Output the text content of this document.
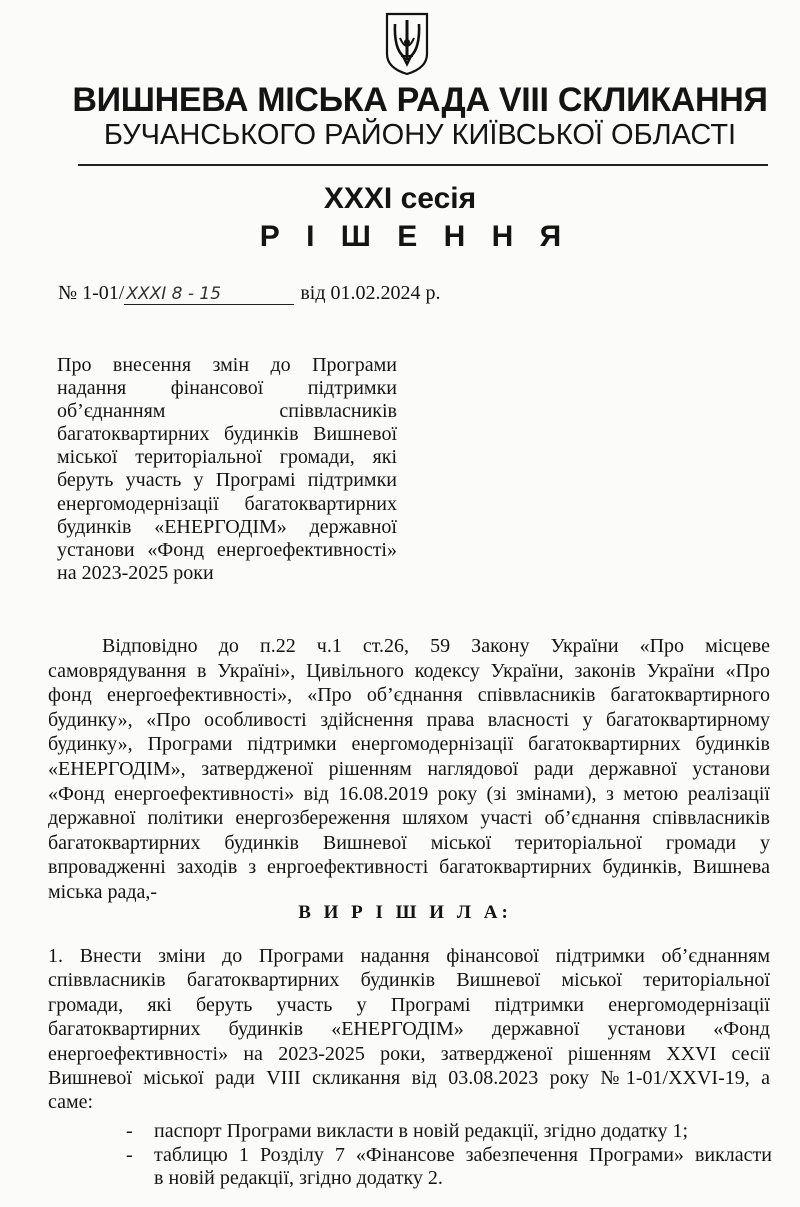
ВИШНЕВА МІСЬКА РАДА VIII СКЛИКАННЯ
БУЧАНСЬКОГО РАЙОНУ КИЇВСЬКОЇ ОБЛАСТІ
XXXI сесія
Р І Ш Е Н Н Я
№ 1-01/ XXXI 8 - 15	від 01.02.2024 р.
Про внесення змін до Програми
надання фінансової підтримки
об’єднанням співвласників
багатоквартирних будинків Вишневої
міської територіальної громади, які
беруть участь у Програмі підтримки
енергомодернізації багатоквартирних
будинків «ЕНЕРГОДІМ» державної
установи «Фонд енергоефективності»
на 2023-2025 роки
Відповідно до п.22 ч.1 ст.26, 59 Закону України «Про місцеве
самоврядування в Україні», Цивільного кодексу України, законів України «Про
фонд енергоефективності», «Про об’єднання співвласників багатоквартирного
будинку», «Про особливості здійснення права власності у багатоквартирному
будинку», Програми підтримки енергомодернізації багатоквартирних будинків
«ЕНЕРГОДІМ», затвердженої рішенням наглядової ради державної установи
«Фонд енергоефективності» від 16.08.2019 року (зі змінами), з метою реалізації
державної політики енергозбереження шляхом участі об’єднання співвласників
багатоквартирних будинків Вишневої міської територіальної громади у
впровадженні заходів з енргоефективності багатоквартирних будинків, Вишнева
міська рада,-
В И Р І Ш И Л А:
1. Внести зміни до Програми надання фінансової підтримки об’єднанням
співвласників багатоквартирних будинків Вишневої міської територіальної
громади, які беруть участь у Програмі підтримки енергомодернізації
багатоквартирних будинків «ЕНЕРГОДІМ» державної установи «Фонд
енергоефективності» на 2023-2025 роки, затвердженої рішенням XXVI сесії
Вишневої міської ради VIII скликання від 03.08.2023 року №1-01/XXVI-19, а
саме:
- паспорт Програми викласти в новій редакції, згідно додатку 1;
- таблицю 1 Розділу 7 «Фінансове забезпечення Програми» викласти
в новій редакції, згідно додатку 2.
